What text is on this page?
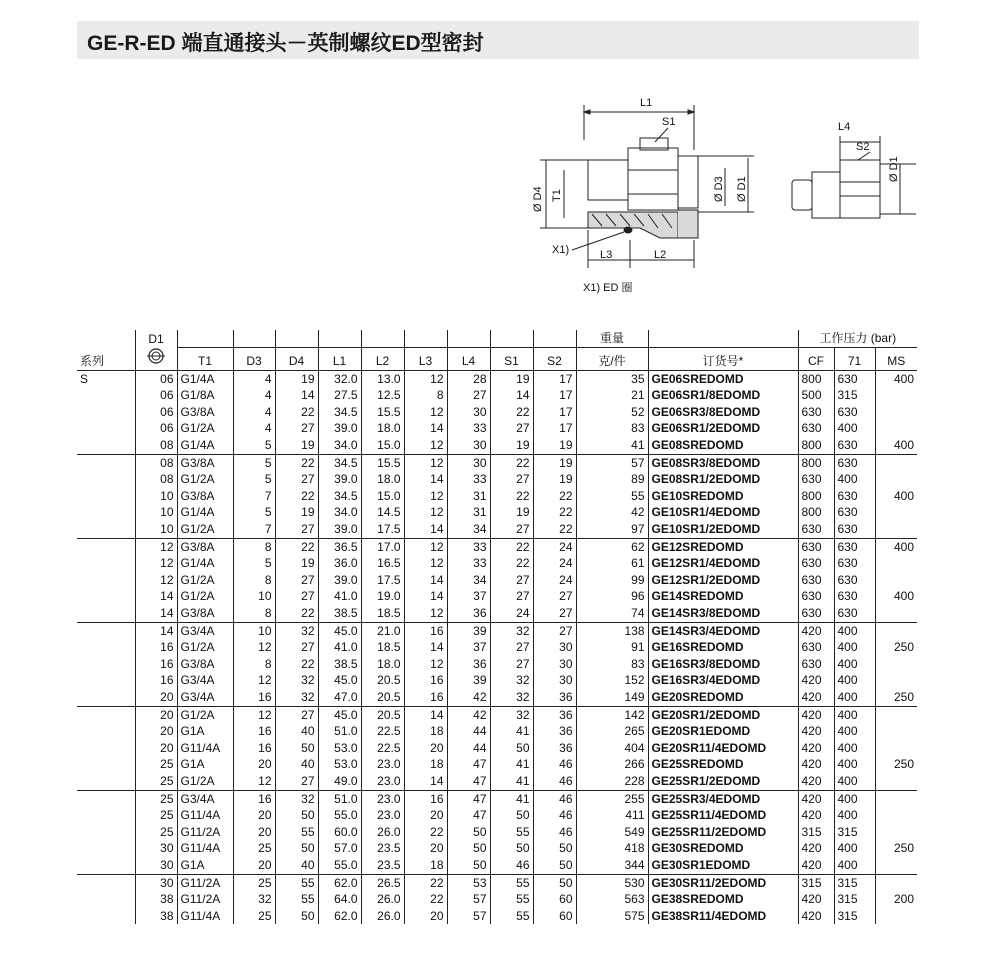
GE-R-ED 端直通接头－英制螺纹ED型密封
L1
S1
X1)	L3	L2
L4
S2
Ø D4 T1	Ø D3 Ø D1
Ø D1
X1) ED 圈
	D1										重量		工作压力 (bar)		
系列		T1	D3	D4	L1	L2	L3	L4	S1	S2	克/件	订货号*	CF	71	MS
S	06	G1/4A	4	19	32.0	13.0	12	28	19	17	35	GE06SREDOMD	800	630	400
	06	G1/8A	4	14	27.5	12.5	8	27	14	17	21	GE06SR1/8EDOMD	500	315	
	06	G3/8A	4	22	34.5	15.5	12	30	22	17	52	GE06SR3/8EDOMD	630	630	
	06	G1/2A	4	27	39.0	18.0	14	33	27	17	83	GE06SR1/2EDOMD	630	400	
	08	G1/4A	5	19	34.0	15.0	12	30	19	19	41	GE08SREDOMD	800	630	400
	08	G3/8A	5	22	34.5	15.5	12	30	22	19	57	GE08SR3/8EDOMD	800	630	
	08	G1/2A	5	27	39.0	18.0	14	33	27	19	89	GE08SR1/2EDOMD	630	400	
	10	G3/8A	7	22	34.5	15.0	12	31	22	22	55	GE10SREDOMD	800	630	400
	10	G1/4A	5	19	34.0	14.5	12	31	19	22	42	GE10SR1/4EDOMD	800	630	
	10	G1/2A	7	27	39.0	17.5	14	34	27	22	97	GE10SR1/2EDOMD	630	630	
	12	G3/8A	8	22	36.5	17.0	12	33	22	24	62	GE12SREDOMD	630	630	400
	12	G1/4A	5	19	36.0	16.5	12	33	22	24	61	GE12SR1/4EDOMD	630	630	
	12	G1/2A	8	27	39.0	17.5	14	34	27	24	99	GE12SR1/2EDOMD	630	630	
	14	G1/2A	10	27	41.0	19.0	14	37	27	27	96	GE14SREDOMD	630	630	400
	14	G3/8A	8	22	38.5	18.5	12	36	24	27	74	GE14SR3/8EDOMD	630	630	
	14	G3/4A	10	32	45.0	21.0	16	39	32	27	138	GE14SR3/4EDOMD	420	400	
	16	G1/2A	12	27	41.0	18.5	14	37	27	30	91	GE16SREDOMD	630	400	250
	16	G3/8A	8	22	38.5	18.0	12	36	27	30	83	GE16SR3/8EDOMD	630	400	
	16	G3/4A	12	32	45.0	20.5	16	39	32	30	152	GE16SR3/4EDOMD	420	400	
	20	G3/4A	16	32	47.0	20.5	16	42	32	36	149	GE20SREDOMD	420	400	250
	20	G1/2A	12	27	45.0	20.5	14	42	32	36	142	GE20SR1/2EDOMD	420	400	
	20	G1A	16	40	51.0	22.5	18	44	41	36	265	GE20SR1EDOMD	420	400	
	20	G11/4A	16	50	53.0	22.5	20	44	50	36	404	GE20SR11/4EDOMD	420	400	
	25	G1A	20	40	53.0	23.0	18	47	41	46	266	GE25SREDOMD	420	400	250
	25	G1/2A	12	27	49.0	23.0	14	47	41	46	228	GE25SR1/2EDOMD	420	400	
	25	G3/4A	16	32	51.0	23.0	16	47	41	46	255	GE25SR3/4EDOMD	420	400	
	25	G11/4A	20	50	55.0	23.0	20	47	50	46	411	GE25SR11/4EDOMD	420	400	
	25	G11/2A	20	55	60.0	26.0	22	50	55	46	549	GE25SR11/2EDOMD	315	315	
	30	G11/4A	25	50	57.0	23.5	20	50	50	50	418	GE30SREDOMD	420	400	250
	30	G1A	20	40	55.0	23.5	18	50	46	50	344	GE30SR1EDOMD	420	400	
	30	G11/2A	25	55	62.0	26.5	22	53	55	50	530	GE30SR11/2EDOMD	315	315	
	38	G11/2A	32	55	64.0	26.0	22	57	55	60	563	GE38SREDOMD	420	315	200
	38	G11/4A	25	50	62.0	26.0	20	57	55	60	575	GE38SR11/4EDOMD	420	315	
